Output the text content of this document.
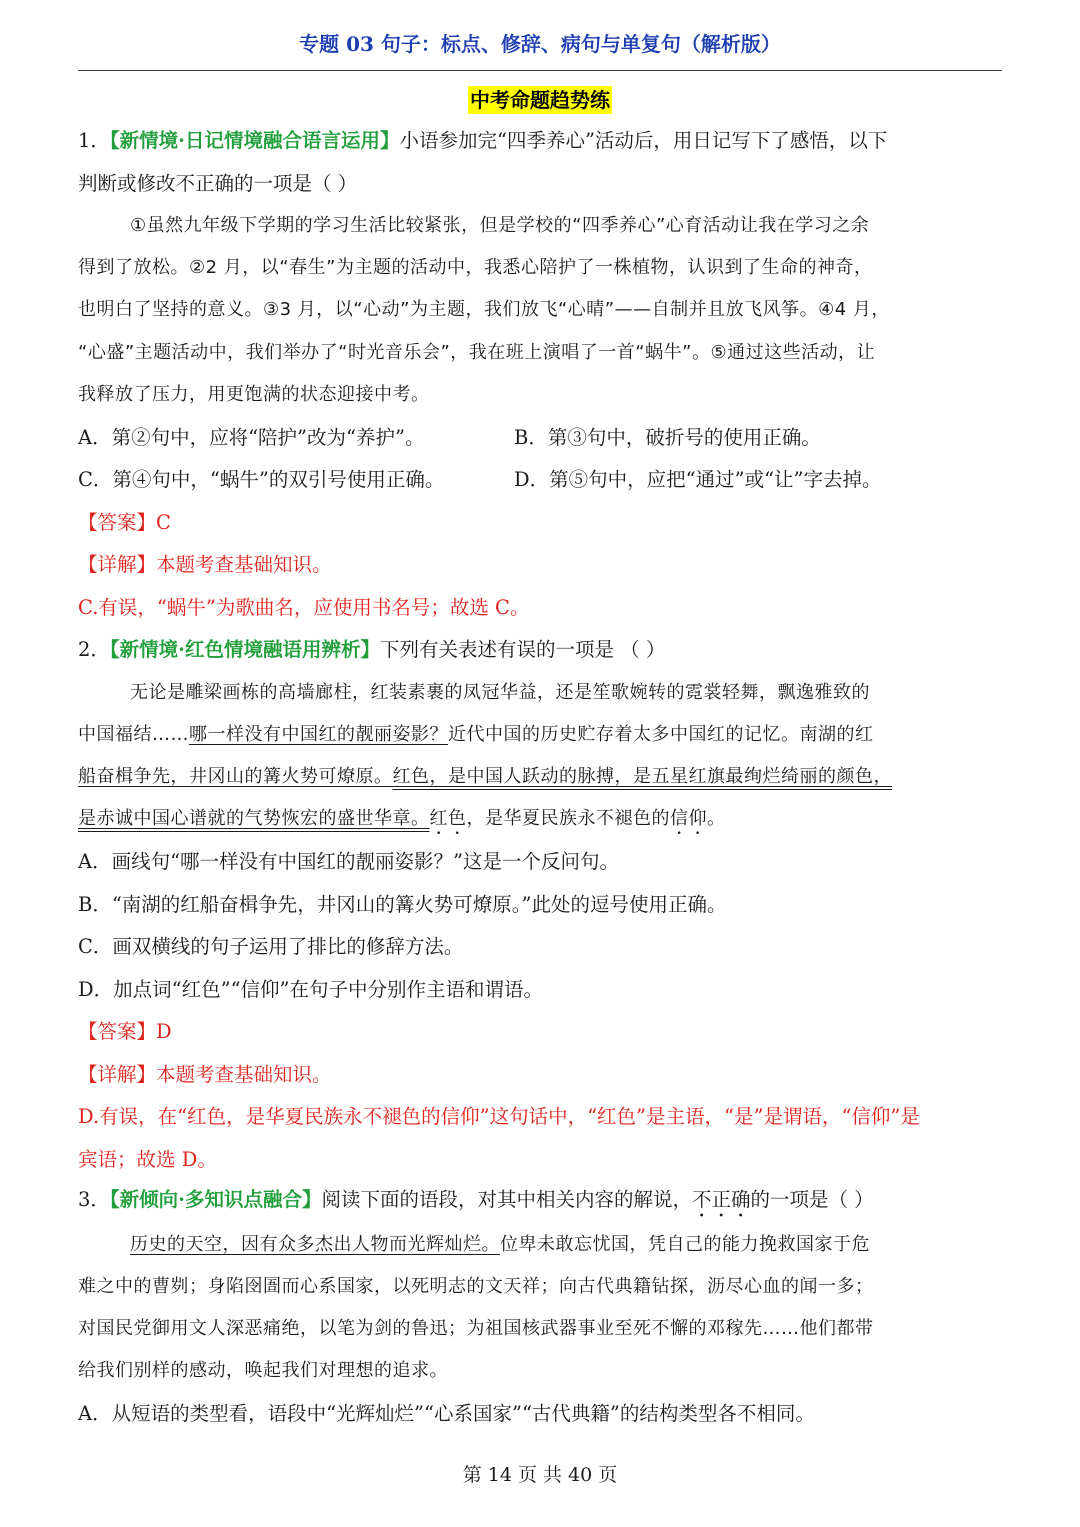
专题 03 句子：标点、修辞、病句与单复句（解析版）
中考命题趋势练
1．【新情境·日记情境融合语言运用】小语参加完“四季养心”活动后，用日记写下了感悟，以下
判断或修改不正确的一项是（ ）
①虽然九年级下学期的学习生活比较紧张，但是学校的“四季养心”心育活动让我在学习之余
得到了放松。②2 月，以“春生”为主题的活动中，我悉心陪护了一株植物，认识到了生命的神奇，
也明白了坚持的意义。③3 月，以“心动”为主题，我们放飞“心晴”——自制并且放飞风筝。④4 月，
“心盛”主题活动中，我们举办了“时光音乐会”，我在班上演唱了一首“蜗牛”。⑤通过这些活动，让
我释放了压力，用更饱满的状态迎接中考。
A．第②句中，应将“陪护”改为“养护”。	B．第③句中，破折号的使用正确。
C．第④句中，“蜗牛”的双引号使用正确。	D．第⑤句中，应把“通过”或“让”字去掉。
【答案】C
【详解】本题考查基础知识。
C.有误，“蜗牛”为歌曲名，应使用书名号；故选 C。
2．【新情境·红色情境融语用辨析】下列有关表述有误的一项是 （ ）
无论是雕梁画栋的高墙廊柱，红装素裹的凤冠华益，还是笙歌婉转的霓裳轻舞，飘逸雅致的
中国福结……哪一样没有中国红的靓丽姿影？近代中国的历史贮存着太多中国红的记忆。南湖的红
船奋楫争先，井冈山的篝火势可燎原。红色，是中国人跃动的脉搏，是五星红旗最绚烂绮丽的颜色，
是赤诚中国心谱就的气势恢宏的盛世华章。红色，是华夏民族永不褪色的信仰。
A．画线句“哪一样没有中国红的靓丽姿影？”这是一个反问句。
B．“南湖的红船奋楫争先，井冈山的篝火势可燎原。”此处的逗号使用正确。
C．画双横线的句子运用了排比的修辞方法。
D．加点词“红色”“信仰”在句子中分别作主语和谓语。
【答案】D
【详解】本题考查基础知识。
D.有误，在“红色，是华夏民族永不褪色的信仰”这句话中，“红色”是主语，“是”是谓语，“信仰”是
宾语；故选 D。
3．【新倾向·多知识点融合】阅读下面的语段，对其中相关内容的解说，不正确的一项是（ ）
历史的天空，因有众多杰出人物而光辉灿烂。位卑未敢忘忧国，凭自己的能力挽救国家于危
难之中的曹刿；身陷囹圄而心系国家，以死明志的文天祥；向古代典籍钻探，沥尽心血的闻一多；
对国民党御用文人深恶痛绝，以笔为剑的鲁迅；为祖国核武器事业至死不懈的邓稼先……他们都带
给我们别样的感动，唤起我们对理想的追求。
A．从短语的类型看，语段中“光辉灿烂”“心系国家”“古代典籍”的结构类型各不相同。
第 14 页 共 40 页
